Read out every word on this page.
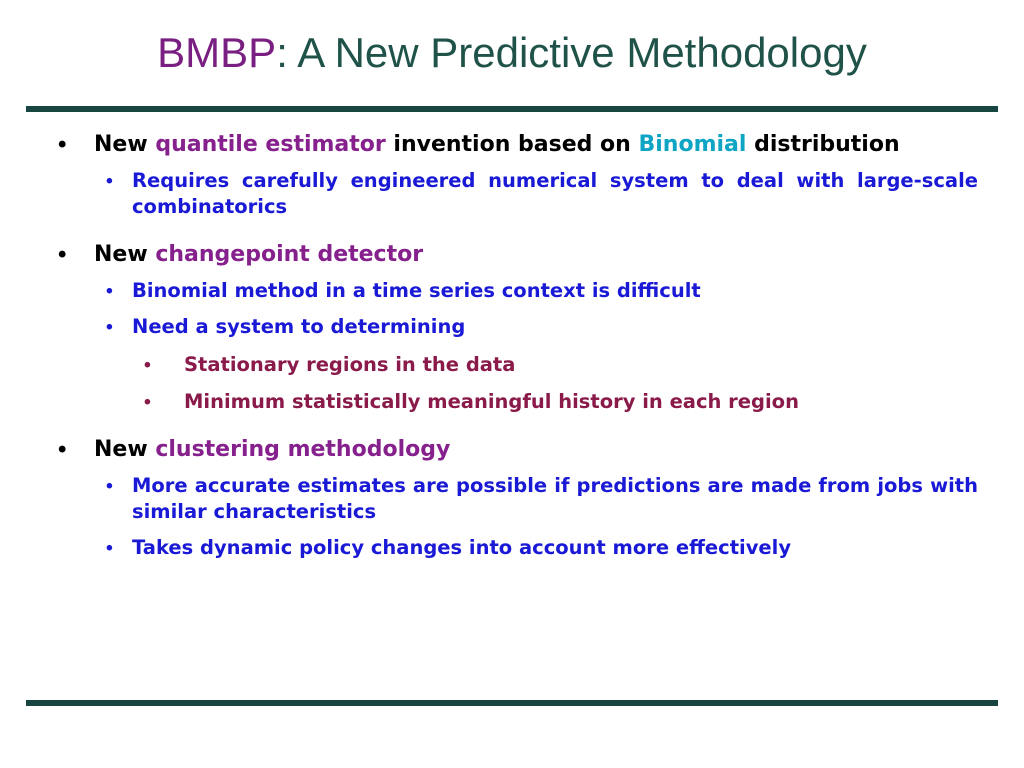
BMBP: A New Predictive Methodology
• New quantile estimator invention based on Binomial distribution
• Requires carefully engineered numerical system to deal with large-scale combinatorics
• New changepoint detector
• Binomial method in a time series context is difficult
• Need a system to determining
• Stationary regions in the data
• Minimum statistically meaningful history in each region
• New clustering methodology
• More accurate estimates are possible if predictions are made from jobs with similar characteristics
• Takes dynamic policy changes into account more effectively
